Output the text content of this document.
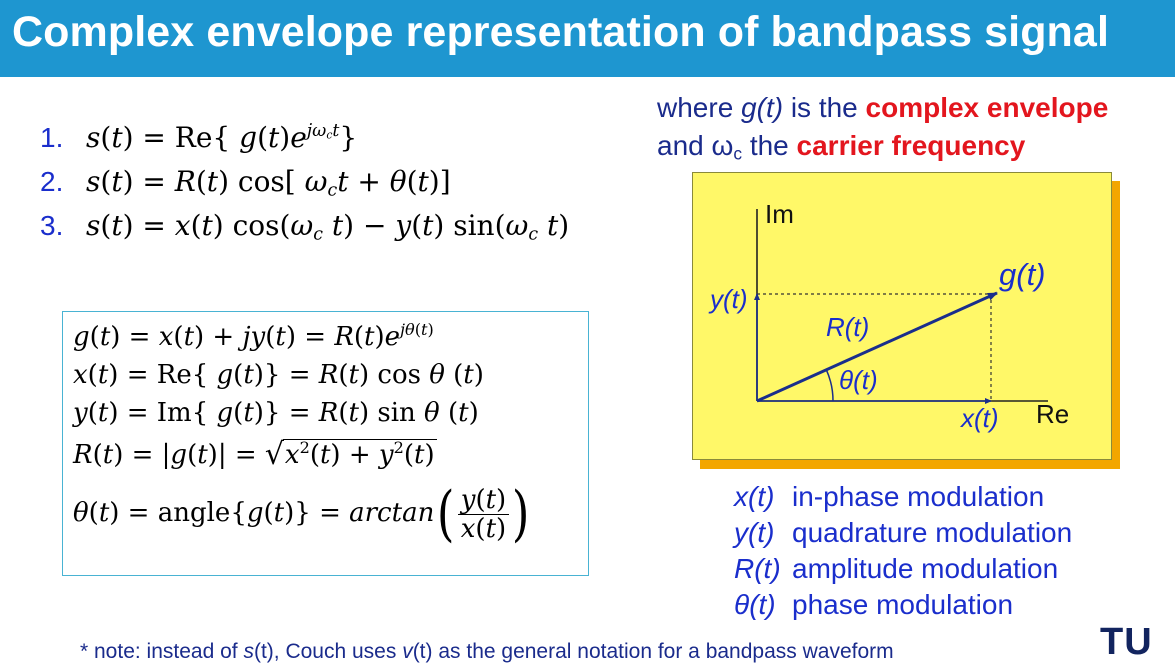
Complex envelope representation of bandpass signal
1. s(t) = Re{ $g(t)e^{j\omega_ct}$}
2. s(t) = R(t) cos[ $\omega_ct + \theta(t)$]
3. s(t) = x(t) $\cos(\omega_c$ t) − y(t) $\sin(\omega_c$ t)
$g(t) = x(t) + jy(t) = R(t)e^{j\theta(t)}$
x(t) = Re{ g(t)} = R(t) cos θ (t)
y(t) = Im{ g(t)} = R(t) sin θ (t)
R(t) = |g(t)| = √ $x^2(t) + y^2(t)$
θ(t) = angle{g(t)} = $\arctan( \frac{y(t)}{x(t)}$ )
where g(t) is the complex envelope
and $\omega_c$ the carrier frequency
Im
Re
g(t)
R(t)
θ(t)
x(t)
y(t)
x(t) in-phase modulation
y(t) quadrature modulation
R(t) amplitude modulation
θ(t) phase modulation
* note: instead of s(t), Couch uses v(t) as the general notation for a bandpass waveform	TU
